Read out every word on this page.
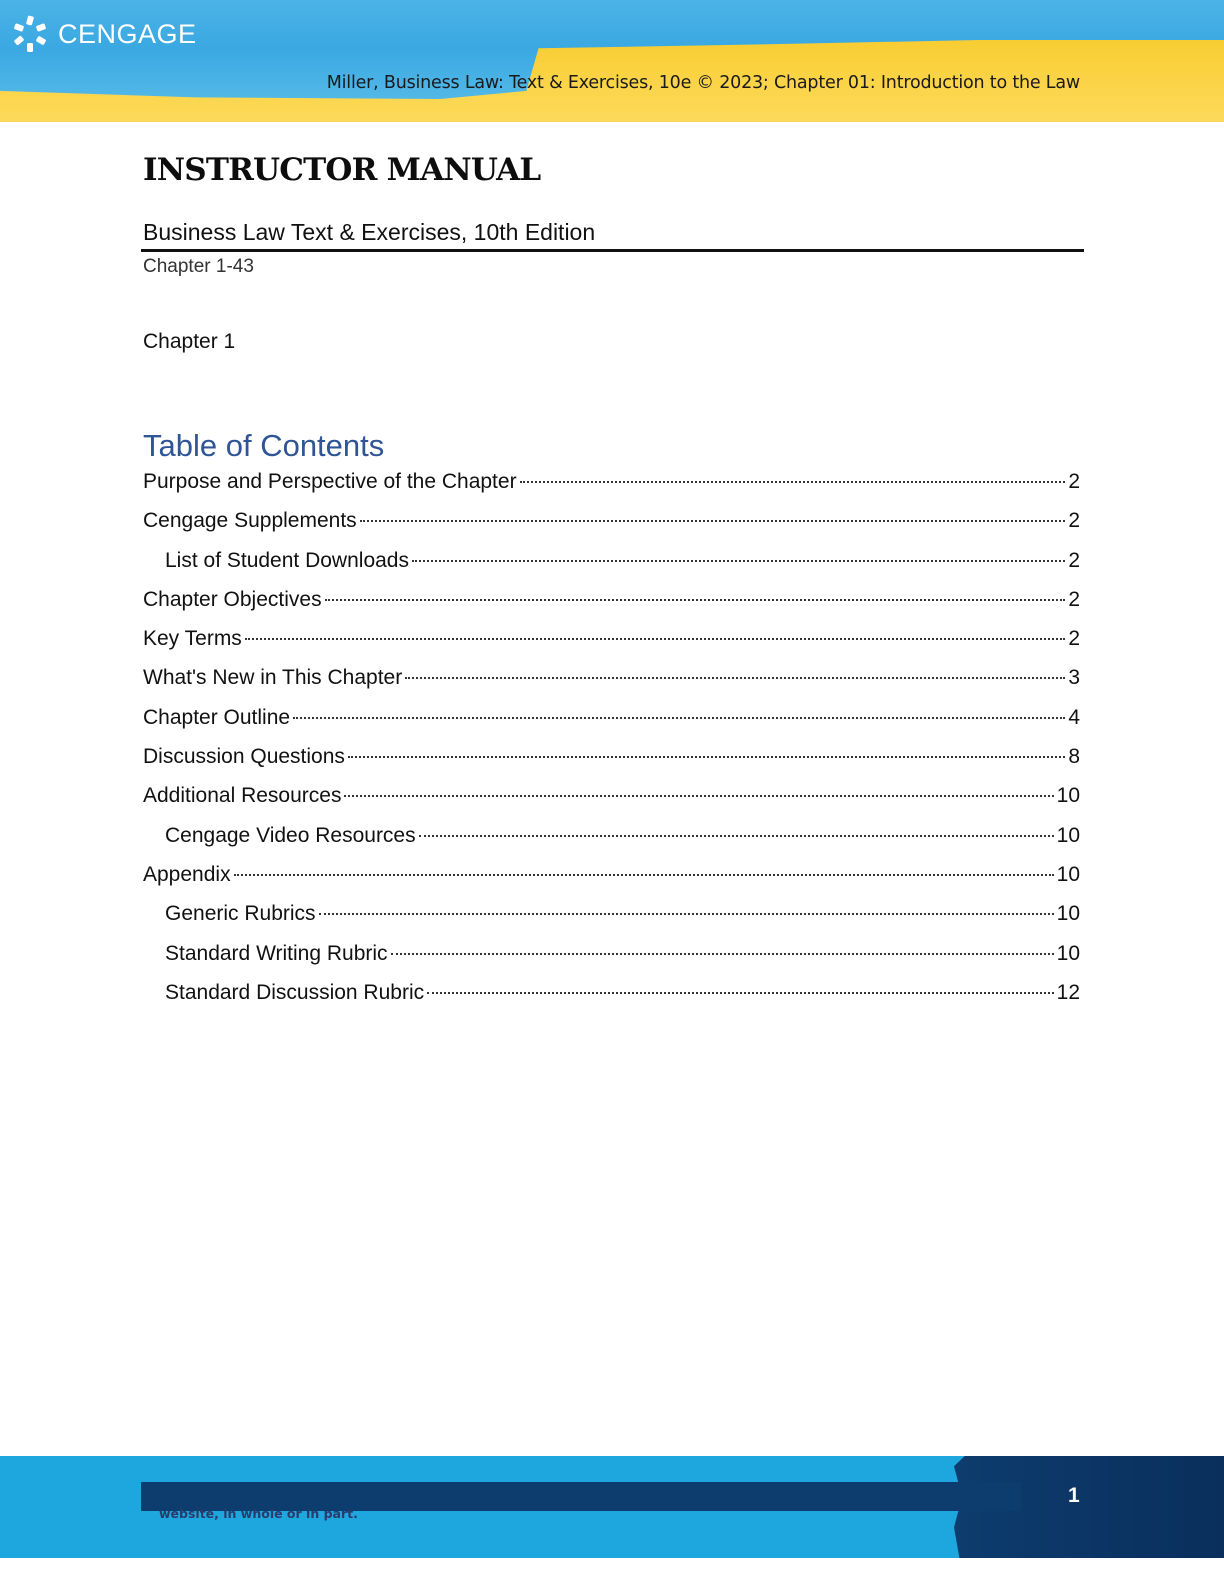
CENGAGE
Miller, Business Law: Text & Exercises, 10e © 2023; Chapter 01: Introduction to the Law
INSTRUCTOR MANUAL
Business Law Text & Exercises, 10th Edition
Chapter 1-43
Chapter 1
Table of Contents
Purpose and Perspective of the Chapter	2
Cengage Supplements	2
List of Student Downloads	2
Chapter Objectives	2
Key Terms	2
What's New in This Chapter	3
Chapter Outline	4
Discussion Questions	8
Additional Resources	10
Cengage Video Resources	10
Appendix	10
Generic Rubrics	10
Standard Writing Rubric	10
Standard Discussion Rubric	12
website, in whole or in part.
1
